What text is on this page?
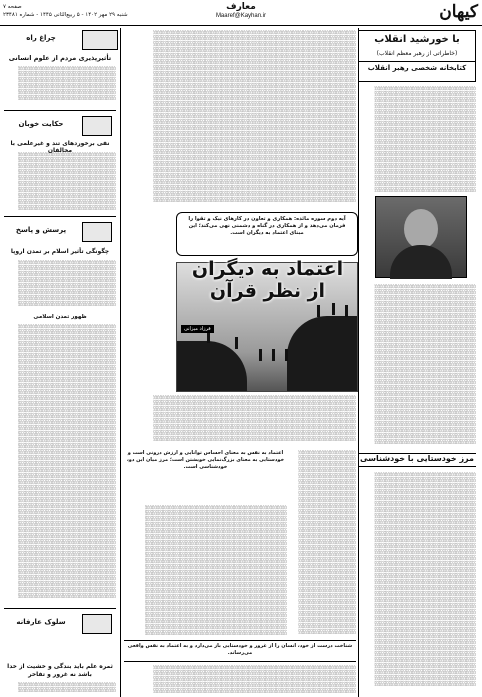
کیهان
معارف
Maaref@Kayhan.ir
صفحه ۷
شنبه ۲۹ مهر ۱۴۰۲ - ۵ ربیع‌الثانی ۱۴۴۵ - شماره ۲۳۴۸۱
با خورشید انقلاب
(خاطراتی از رهبر معظم انقلاب)
کتابخانه شخصی رهبر انقلاب
░░░░░░░░░░░░░░░░░░░░░░░░░░░░░░
░░░░░░░░░░░░░░░░░░░░░░░░░░░░░░
░░░░░░░░░░░░░░░░░░░░░░░░░░░░░░
░░░░░░░░░░░░░░░░░░░░░░░░░░░░░░
░░░░░░░░░░░░░░░░░░░░░░░░░░░░░░
░░░░░░░░░░░░░░░░░░░░░░░░░░░░░░
░░░░░░░░░░░░░░░░░░░░░░░░░░░░░░
░░░░░░░░░░░░░░░░░░░░░░░░░░░░░░
░░░░░░░░░░░░░░░░░░░░░░░░░░░░░░
░░░░░░░░░░░░░░░░░░░░░░░░░░░░░░
░░░░░░░░░░░░░░░░░░░░░░░░░░░░░░
░░░░░░░░░░░░░░░░░░░░░░░░░░░░░░
░░░░░░░░░░░░░░░░░░░░░░░░░░░░░░
░░░░░░░░░░░░░░░░░░░░░░░░░░░░░░
░░░░░░░░░░░░░░░░░░░░░░░░░░░░░░
░░░░░░░░░░░░░░░░░░░░░░░░░░░░░░
░░░░░░░░░░░░░░░░░░░░░░░░░░░░░░
░░░░░░░░░░░░░░░░░░░░░░░░░░░░░░
░░░░░░░░░░░░░░░░░░░░░░░░░░░░░░
░░░░░░░░░░░░░░░░░░░░░░░░░░░░░░
░░░░░░░░░░░░░░░░░░░░░░░░░░░░░░
░░░░░░░░░░░░░░░░░░░░░░░░░░░░░░
░░░░░░░░░░░░░░░░░░░░░░░░░░░░░░
░░░░░░░░░░░░░░░░░░░░░░░░░░░░░░
░░░░░░░░░░░░░░░░░░░░░░░░░░░░░░
░░░░░░░░░░░░░░░░░░░░░░░░░░░░░░
░░░░░░░░░░░░░░░░░░░░░░░░░░░░░░
░░░░░░░░░░░░░░░░░░░░░░░░░░░░░░
░░░░░░░░░░░░░░░░░░░░░░░░░░░░░░
░░░░░░░░░░░░░░░░░░░░░░░░░░░░░░
░░░░░░░░░░░░░░░░░░░░░░░░░░░░░░
░░░░░░░░░░░░░░░░░░░░░░░░░░░░░░
░░░░░░░░░░░░░░░░░░░░░░░░░░░░░░
░░░░░░░░░░░░░░░░░░░░░░░░░░░░░░
░░░░░░░░░░░░░░░░░░░░░░░░░░░░░░
░░░░░░░░░░░░░░░░░░░░░░░░░░░░░░
░░░░░░░░░░░░░░░░░░░░░░░░░░░░░░
░░░░░░░░░░░░░░░░░░░░░░░░░░░░░░
░░░░░░░░░░░░░░░░░░░░░░░░░░░░░░
░░░░░░░░░░░░░░░░░░░░░░░░░░░░░░
░░░░░░░░░░░░░░░░░░░░░░░░░░░░░░
░░░░░░░░░░░░░░░░░░░░░░░░░░░░░░
░░░░░░░░░░░░░░░░░░░░░░░░░░░░░░
░░░░░░░░░░░░░░░░░░░░░░░░░░░░░░
░░░░░░░░░░░░░░░░░░░░░░░░░░░░░░
مرز خودستایی با خودشناسی
░░░░░░░░░░░░░░░░░░░░░░░░░░░░░░
░░░░░░░░░░░░░░░░░░░░░░░░░░░░░░
░░░░░░░░░░░░░░░░░░░░░░░░░░░░░░
░░░░░░░░░░░░░░░░░░░░░░░░░░░░░░
░░░░░░░░░░░░░░░░░░░░░░░░░░░░░░
░░░░░░░░░░░░░░░░░░░░░░░░░░░░░░
░░░░░░░░░░░░░░░░░░░░░░░░░░░░░░
░░░░░░░░░░░░░░░░░░░░░░░░░░░░░░
░░░░░░░░░░░░░░░░░░░░░░░░░░░░░░
░░░░░░░░░░░░░░░░░░░░░░░░░░░░░░
░░░░░░░░░░░░░░░░░░░░░░░░░░░░░░
░░░░░░░░░░░░░░░░░░░░░░░░░░░░░░
░░░░░░░░░░░░░░░░░░░░░░░░░░░░░░
░░░░░░░░░░░░░░░░░░░░░░░░░░░░░░
░░░░░░░░░░░░░░░░░░░░░░░░░░░░░░
░░░░░░░░░░░░░░░░░░░░░░░░░░░░░░
░░░░░░░░░░░░░░░░░░░░░░░░░░░░░░
░░░░░░░░░░░░░░░░░░░░░░░░░░░░░░
░░░░░░░░░░░░░░░░░░░░░░░░░░░░░░
░░░░░░░░░░░░░░░░░░░░░░░░░░░░░░
░░░░░░░░░░░░░░░░░░░░░░░░░░░░░░
░░░░░░░░░░░░░░░░░░░░░░░░░░░░░░
░░░░░░░░░░░░░░░░░░░░░░░░░░░░░░
░░░░░░░░░░░░░░░░░░░░░░░░░░░░░░
░░░░░░░░░░░░░░░░░░░░░░░░░░░░░░
░░░░░░░░░░░░░░░░░░░░░░░░░░░░░░
░░░░░░░░░░░░░░░░░░░░░░░░░░░░░░
░░░░░░░░░░░░░░░░░░░░░░░░░░░░░░
░░░░░░░░░░░░░░░░░░░░░░░░░░░░░░
░░░░░░░░░░░░░░░░░░░░░░░░░░░░░░
░░░░░░░░░░░░░░░░░░░░░░░░░░░░░░
░░░░░░░░░░░░░░░░░░░░░░░░░░░░░░
░░░░░░░░░░░░░░░░░░░░░░░░░░░░░░
░░░░░░░░░░░░░░░░░░░░░░░░░░░░░░
░░░░░░░░░░░░░░░░░░░░░░░░░░░░░░
░░░░░░░░░░░░░░░░░░░░░░░░░░░░░░
░░░░░░░░░░░░░░░░░░░░░░░░░░░░░░░░░░░░░░░░░░░░░░░░░░░░░░░░░░░░
░░░░░░░░░░░░░░░░░░░░░░░░░░░░░░░░░░░░░░░░░░░░░░░░░░░░░░░░░░░░
░░░░░░░░░░░░░░░░░░░░░░░░░░░░░░░░░░░░░░░░░░░░░░░░░░░░░░░░░░░░
░░░░░░░░░░░░░░░░░░░░░░░░░░░░░░░░░░░░░░░░░░░░░░░░░░░░░░░░░░░░
░░░░░░░░░░░░░░░░░░░░░░░░░░░░░░░░░░░░░░░░░░░░░░░░░░░░░░░░░░░░
░░░░░░░░░░░░░░░░░░░░░░░░░░░░░░░░░░░░░░░░░░░░░░░░░░░░░░░░░░░░
░░░░░░░░░░░░░░░░░░░░░░░░░░░░░░░░░░░░░░░░░░░░░░░░░░░░░░░░░░░░
░░░░░░░░░░░░░░░░░░░░░░░░░░░░░░░░░░░░░░░░░░░░░░░░░░░░░░░░░░░░
░░░░░░░░░░░░░░░░░░░░░░░░░░░░░░░░░░░░░░░░░░░░░░░░░░░░░░░░░░░░
░░░░░░░░░░░░░░░░░░░░░░░░░░░░░░░░░░░░░░░░░░░░░░░░░░░░░░░░░░░░
░░░░░░░░░░░░░░░░░░░░░░░░░░░░░░░░░░░░░░░░░░░░░░░░░░░░░░░░░░░░
░░░░░░░░░░░░░░░░░░░░░░░░░░░░░░░░░░░░░░░░░░░░░░░░░░░░░░░░░░░░
░░░░░░░░░░░░░░░░░░░░░░░░░░░░░░░░░░░░░░░░░░░░░░░░░░░░░░░░░░░░
░░░░░░░░░░░░░░░░░░░░░░░░░░░░░░░░░░░░░░░░░░░░░░░░░░░░░░░░░░░░
░░░░░░░░░░░░░░░░░░░░░░░░░░░░░░░░░░░░░░░░░░░░░░░░░░░░░░░░░░░░
░░░░░░░░░░░░░░░░░░░░░░░░░░░░░░░░░░░░░░░░░░░░░░░░░░░░░░░░░░░░
░░░░░░░░░░░░░░░░░░░░░░░░░░░░░░░░░░░░░░░░░░░░░░░░░░░░░░░░░░░░
░░░░░░░░░░░░░░░░░░░░░░░░░░░░░░░░░░░░░░░░░░░░░░░░░░░░░░░░░░░░
░░░░░░░░░░░░░░░░░░░░░░░░░░░░░░░░░░░░░░░░░░░░░░░░░░░░░░░░░░░░
░░░░░░░░░░░░░░░░░░░░░░░░░░░░░░░░░░░░░░░░░░░░░░░░░░░░░░░░░░░░
░░░░░░░░░░░░░░░░░░░░░░░░░░░░░░░░░░░░░░░░░░░░░░░░░░░░░░░░░░░░
░░░░░░░░░░░░░░░░░░░░░░░░░░░░░░░░░░░░░░░░░░░░░░░░░░░░░░░░░░░░
░░░░░░░░░░░░░░░░░░░░░░░░░░░░░░░░░░░░░░░░░░░░░░░░░░░░░░░░░░░░
░░░░░░░░░░░░░░░░░░░░░░░░░░░░░░░░░░░░░░░░░░░░░░░░░░░░░░░░░░░░
░░░░░░░░░░░░░░░░░░░░░░░░░░░░░░░░░░░░░░░░░░░░░░░░░░░░░░░░░░░░
░░░░░░░░░░░░░░░░░░░░░░░░░░░░░░░░░░░░░░░░░░░░░░░░░░░░░░░░░░░░
░░░░░░░░░░░░░░░░░░░░░░░░░░░░░░░░░░░░░░░░░░░░░░░░░░░░░░░░░░░░
░░░░░░░░░░░░░░░░░░░░░░░░░░░░░░░░░░░░░░░░░░░░░░░░░░░░░░░░░░░░
░░░░░░░░░░░░░░░░░░░░░░░░░░░░░░░░░░░░░░░░░░░░░░░░░░░░░░░░░░░░
آیه دوم سوره مائده: همکاری و تعاون در کارهای نیک و تقوا را فرمان می‌دهد و از همکاری در گناه و دشمنی نهی می‌کند؛ این مبنای اعتماد به دیگران است.
فرزاد میزانی
اعتماد به دیگران از نظر قرآن
░░░░░░░░░░░░░░░░░░░░░░░░░░░░░░░░░░░░░░░░░░░░░░░░░░░░░░░░░░░░
░░░░░░░░░░░░░░░░░░░░░░░░░░░░░░░░░░░░░░░░░░░░░░░░░░░░░░░░░░░░
░░░░░░░░░░░░░░░░░░░░░░░░░░░░░░░░░░░░░░░░░░░░░░░░░░░░░░░░░░░░
░░░░░░░░░░░░░░░░░░░░░░░░░░░░░░░░░░░░░░░░░░░░░░░░░░░░░░░░░░░░
░░░░░░░░░░░░░░░░░░░░░░░░░░░░░░░░░░░░░░░░░░░░░░░░░░░░░░░░░░░░
░░░░░░░░░░░░░░░░░░░░░░░░░░░░░░░░░░░░░░░░░░░░░░░░░░░░░░░░░░░░
░░░░░░░░░░░░░░░░░░░░░░░░░░░░░░░░░░░░░░░░░░░░░░░░░░░░░░░░░░░░
░░░░░░░░░░░░░░░░░░░░░░░░░░░░░░░░░░░░░░░░░░░░░░░░░░░░░░░░░░░░
اعتماد به نفس به معنای احساس توانایی و ارزش درونی است و خودستایی به معنای بزرگ‌نمایی خویشتن است؛ مرز میان این دو، خودشناسی است.
░░░░░░░░░░░░░░░░░
░░░░░░░░░░░░░░░░░
░░░░░░░░░░░░░░░░░
░░░░░░░░░░░░░░░░░
░░░░░░░░░░░░░░░░░
░░░░░░░░░░░░░░░░░
░░░░░░░░░░░░░░░░░
░░░░░░░░░░░░░░░░░
░░░░░░░░░░░░░░░░░
░░░░░░░░░░░░░░░░░
░░░░░░░░░░░░░░░░░
░░░░░░░░░░░░░░░░░
░░░░░░░░░░░░░░░░░
░░░░░░░░░░░░░░░░░
░░░░░░░░░░░░░░░░░
░░░░░░░░░░░░░░░░░
░░░░░░░░░░░░░░░░░
░░░░░░░░░░░░░░░░░
░░░░░░░░░░░░░░░░░
░░░░░░░░░░░░░░░░░
░░░░░░░░░░░░░░░░░
░░░░░░░░░░░░░░░░░
░░░░░░░░░░░░░░░░░
░░░░░░░░░░░░░░░░░
░░░░░░░░░░░░░░░░░
░░░░░░░░░░░░░░░░░
░░░░░░░░░░░░░░░░░
░░░░░░░░░░░░░░░░░
░░░░░░░░░░░░░░░░░
░░░░░░░░░░░░░░░░░
░░░░░░░░░░░░░░░░░
░░░░░░░░░░░░░░░░░░░░░░░░░░░░░░░░░░░░░░░░░░
░░░░░░░░░░░░░░░░░░░░░░░░░░░░░░░░░░░░░░░░░░
░░░░░░░░░░░░░░░░░░░░░░░░░░░░░░░░░░░░░░░░░░
░░░░░░░░░░░░░░░░░░░░░░░░░░░░░░░░░░░░░░░░░░
░░░░░░░░░░░░░░░░░░░░░░░░░░░░░░░░░░░░░░░░░░
░░░░░░░░░░░░░░░░░░░░░░░░░░░░░░░░░░░░░░░░░░
░░░░░░░░░░░░░░░░░░░░░░░░░░░░░░░░░░░░░░░░░░
░░░░░░░░░░░░░░░░░░░░░░░░░░░░░░░░░░░░░░░░░░
░░░░░░░░░░░░░░░░░░░░░░░░░░░░░░░░░░░░░░░░░░
░░░░░░░░░░░░░░░░░░░░░░░░░░░░░░░░░░░░░░░░░░
░░░░░░░░░░░░░░░░░░░░░░░░░░░░░░░░░░░░░░░░░░
░░░░░░░░░░░░░░░░░░░░░░░░░░░░░░░░░░░░░░░░░░
░░░░░░░░░░░░░░░░░░░░░░░░░░░░░░░░░░░░░░░░░░
░░░░░░░░░░░░░░░░░░░░░░░░░░░░░░░░░░░░░░░░░░
░░░░░░░░░░░░░░░░░░░░░░░░░░░░░░░░░░░░░░░░░░
░░░░░░░░░░░░░░░░░░░░░░░░░░░░░░░░░░░░░░░░░░
░░░░░░░░░░░░░░░░░░░░░░░░░░░░░░░░░░░░░░░░░░
░░░░░░░░░░░░░░░░░░░░░░░░░░░░░░░░░░░░░░░░░░
░░░░░░░░░░░░░░░░░░░░░░░░░░░░░░░░░░░░░░░░░░
░░░░░░░░░░░░░░░░░░░░░░░░░░░░░░░░░░░░░░░░░░
░░░░░░░░░░░░░░░░░░░░░░░░░░░░░░░░░░░░░░░░░░
░░░░░░░░░░░░░░░░░░░░░░░░░░░░░░░░░░░░░░░░░░
شناخت درست از خود، انسان را از غرور و خودستایی باز می‌دارد و به اعتماد به نفس واقعی می‌رساند.
░░░░░░░░░░░░░░░░░░░░░░░░░░░░░░░░░░░░░░░░░░░░░░░░░░░░░░░░░░░░
░░░░░░░░░░░░░░░░░░░░░░░░░░░░░░░░░░░░░░░░░░░░░░░░░░░░░░░░░░░░
░░░░░░░░░░░░░░░░░░░░░░░░░░░░░░░░░░░░░░░░░░░░░░░░░░░░░░░░░░░░
░░░░░░░░░░░░░░░░░░░░░░░░░░░░░░░░░░░░░░░░░░░░░░░░░░░░░░░░░░░░
░░░░░░░░░░░░░░░░░░░░░░░░░░░░░░░░░░░░░░░░░░░░░░░░░░░░░░░░░░░░
چراغ راه
تأثیرپذیری مردم از علوم انسانی
░░░░░░░░░░░░░░░░░░░░░░░░░░░░░
░░░░░░░░░░░░░░░░░░░░░░░░░░░░░
░░░░░░░░░░░░░░░░░░░░░░░░░░░░░
░░░░░░░░░░░░░░░░░░░░░░░░░░░░░
░░░░░░░░░░░░░░░░░░░░░░░░░░░░░
░░░░░░░░░░░░░░░░░░░░░░░░░░░░░
حکایت خوبان
نفی برخوردهای تند و غیرعلمی با مخالفان
░░░░░░░░░░░░░░░░░░░░░░░░░░░░░
░░░░░░░░░░░░░░░░░░░░░░░░░░░░░
░░░░░░░░░░░░░░░░░░░░░░░░░░░░░
░░░░░░░░░░░░░░░░░░░░░░░░░░░░░
░░░░░░░░░░░░░░░░░░░░░░░░░░░░░
░░░░░░░░░░░░░░░░░░░░░░░░░░░░░
░░░░░░░░░░░░░░░░░░░░░░░░░░░░░
░░░░░░░░░░░░░░░░░░░░░░░░░░░░░
░░░░░░░░░░░░░░░░░░░░░░░░░░░░░
░░░░░░░░░░░░░░░░░░░░░░░░░░░░░
پرسش و پاسخ
چگونگی تأثیر اسلام بر تمدن اروپا
░░░░░░░░░░░░░░░░░░░░░░░░░░░░░
░░░░░░░░░░░░░░░░░░░░░░░░░░░░░
░░░░░░░░░░░░░░░░░░░░░░░░░░░░░
░░░░░░░░░░░░░░░░░░░░░░░░░░░░░
░░░░░░░░░░░░░░░░░░░░░░░░░░░░░
░░░░░░░░░░░░░░░░░░░░░░░░░░░░░
░░░░░░░░░░░░░░░░░░░░░░░░░░░░░
░░░░░░░░░░░░░░░░░░░░░░░░░░░░░
ظهور تمدن اسلامی
░░░░░░░░░░░░░░░░░░░░░░░░░░░░░
░░░░░░░░░░░░░░░░░░░░░░░░░░░░░
░░░░░░░░░░░░░░░░░░░░░░░░░░░░░
░░░░░░░░░░░░░░░░░░░░░░░░░░░░░
░░░░░░░░░░░░░░░░░░░░░░░░░░░░░
░░░░░░░░░░░░░░░░░░░░░░░░░░░░░
░░░░░░░░░░░░░░░░░░░░░░░░░░░░░
░░░░░░░░░░░░░░░░░░░░░░░░░░░░░
░░░░░░░░░░░░░░░░░░░░░░░░░░░░░
░░░░░░░░░░░░░░░░░░░░░░░░░░░░░
░░░░░░░░░░░░░░░░░░░░░░░░░░░░░
░░░░░░░░░░░░░░░░░░░░░░░░░░░░░
░░░░░░░░░░░░░░░░░░░░░░░░░░░░░
░░░░░░░░░░░░░░░░░░░░░░░░░░░░░
░░░░░░░░░░░░░░░░░░░░░░░░░░░░░
░░░░░░░░░░░░░░░░░░░░░░░░░░░░░
░░░░░░░░░░░░░░░░░░░░░░░░░░░░░
░░░░░░░░░░░░░░░░░░░░░░░░░░░░░
░░░░░░░░░░░░░░░░░░░░░░░░░░░░░
░░░░░░░░░░░░░░░░░░░░░░░░░░░░░
░░░░░░░░░░░░░░░░░░░░░░░░░░░░░
░░░░░░░░░░░░░░░░░░░░░░░░░░░░░
░░░░░░░░░░░░░░░░░░░░░░░░░░░░░
░░░░░░░░░░░░░░░░░░░░░░░░░░░░░
░░░░░░░░░░░░░░░░░░░░░░░░░░░░░
░░░░░░░░░░░░░░░░░░░░░░░░░░░░░
░░░░░░░░░░░░░░░░░░░░░░░░░░░░░
░░░░░░░░░░░░░░░░░░░░░░░░░░░░░
░░░░░░░░░░░░░░░░░░░░░░░░░░░░░
░░░░░░░░░░░░░░░░░░░░░░░░░░░░░
░░░░░░░░░░░░░░░░░░░░░░░░░░░░░
░░░░░░░░░░░░░░░░░░░░░░░░░░░░░
░░░░░░░░░░░░░░░░░░░░░░░░░░░░░
░░░░░░░░░░░░░░░░░░░░░░░░░░░░░
░░░░░░░░░░░░░░░░░░░░░░░░░░░░░
░░░░░░░░░░░░░░░░░░░░░░░░░░░░░
░░░░░░░░░░░░░░░░░░░░░░░░░░░░░
░░░░░░░░░░░░░░░░░░░░░░░░░░░░░
░░░░░░░░░░░░░░░░░░░░░░░░░░░░░
░░░░░░░░░░░░░░░░░░░░░░░░░░░░░
░░░░░░░░░░░░░░░░░░░░░░░░░░░░░
░░░░░░░░░░░░░░░░░░░░░░░░░░░░░
░░░░░░░░░░░░░░░░░░░░░░░░░░░░░
░░░░░░░░░░░░░░░░░░░░░░░░░░░░░
░░░░░░░░░░░░░░░░░░░░░░░░░░░░░
░░░░░░░░░░░░░░░░░░░░░░░░░░░░░
سلوک عارفانه
ثمره علم باید بندگی و خشیت از خدا باشد نه غرور و تفاخر
░░░░░░░░░░░░░░░░░░░░░░░░░░░░░
░░░░░░░░░░░░░░░░░░░░░░░░░░░░░
